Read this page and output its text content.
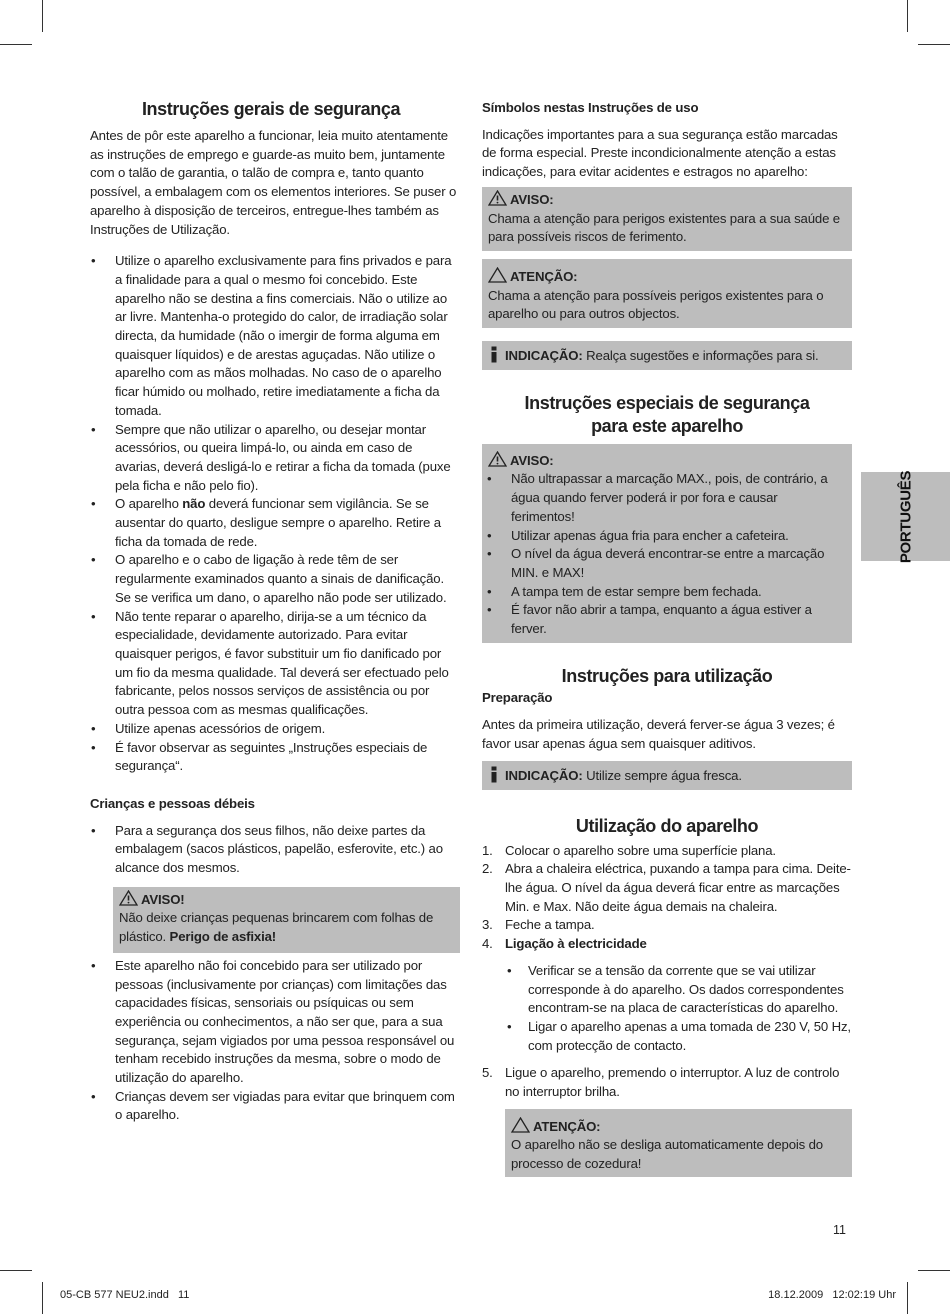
Instruções gerais de segurança

Antes de pôr este aparelho a funcionar, leia muito atentamente as instruções de emprego e guarde-as muito bem, juntamente com o talão de garantia, o talão de compra e, tanto quanto possível, a embalagem com os elementos interiores. Se puser o aparelho à disposição de terceiros, entregue-lhes também as Instruções de Utilização.

• Utilize o aparelho exclusivamente para fins privados e para a finalidade para a qual o mesmo foi concebido. Este aparelho não se destina a fins comerciais. Não o utilize ao ar livre. Mantenha-o protegido do calor, de irradiação solar directa, da humidade (não o imergir de forma alguma em quaisquer líquidos) e de arestas aguçadas. Não utilize o aparelho com as mãos molhadas. No caso de o aparelho ficar húmido ou molhado, retire imediatamente a ficha da tomada.
• Sempre que não utilizar o aparelho, ou desejar montar acessórios, ou queira limpá-lo, ou ainda em caso de avarias, deverá desligá-lo e retirar a ficha da tomada (puxe pela ficha e não pelo fio).
• O aparelho não deverá funcionar sem vigilância. Se se ausentar do quarto, desligue sempre o aparelho. Retire a ficha da tomada de rede.
• O aparelho e o cabo de ligação à rede têm de ser regularmente examinados quanto a sinais de danificação. Se se verifica um dano, o aparelho não pode ser utilizado.
• Não tente reparar o aparelho, dirija-se a um técnico da especialidade, devidamente autorizado. Para evitar quaisquer perigos, é favor substituir um fio danificado por um fio da mesma qualidade. Tal deverá ser efectuado pelo fabricante, pelos nossos serviços de assistência ou por outra pessoa com as mesmas qualificações.
• Utilize apenas acessórios de origem.
• É favor observar as seguintes „Instruções especiais de segurança“.

Crianças e pessoas débeis

• Para a segurança dos seus filhos, não deixe partes da embalagem (sacos plásticos, papelão, esferovite, etc.) ao alcance dos mesmos.
AVISO!
Não deixe crianças pequenas brincarem com folhas de plástico. Perigo de asfixia!
• Este aparelho não foi concebido para ser utilizado por pessoas (inclusivamente por crianças) com limitações das capacidades físicas, sensoriais ou psíquicas ou sem experiência ou conhecimentos, a não ser que, para a sua segurança, sejam vigiados por uma pessoa responsável ou tenham recebido instruções da mesma, sobre o modo de utilização do aparelho.
• Crianças devem ser vigiadas para evitar que brinquem com o aparelho.

Símbolos nestas Instruções de uso

Indicações importantes para a sua segurança estão marcadas de forma especial. Preste incondicionalmente atenção a estas indicações, para evitar acidentes e estragos no aparelho:

AVISO:
Chama a atenção para perigos existentes para a sua saúde e para possíveis riscos de ferimento.
ATENÇÃO:
Chama a atenção para possíveis perigos existentes para o aparelho ou para outros objectos.
INDICAÇÃO: Realça sugestões e informações para si.
Instruções especiais de segurança
para este aparelho
AVISO:
• Não ultrapassar a marcação MAX., pois, de contrário, a água quando ferver poderá ir por fora e causar ferimentos!
• Utilizar apenas água fria para encher a cafeteira.
• O nível da água deverá encontrar-se entre a marcação MIN. e MAX!
• A tampa tem de estar sempre bem fechada.
• É favor não abrir a tampa, enquanto a água estiver a ferver.
Instruções para utilização

Preparação

Antes da primeira utilização, deverá ferver-se água 3 vezes; é favor usar apenas água sem quaisquer aditivos.

INDICAÇÃO: Utilize sempre água fresca.
Utilização do aparelho
1. Colocar o aparelho sobre uma superfície plana.
2. Abra a chaleira eléctrica, puxando a tampa para cima. Deite-lhe água. O nível da água deverá ficar entre as marcações Min. e Max. Não deite água demais na chaleira.
3. Feche a tampa.
4. Ligação à electricidade
• Verificar se a tensão da corrente que se vai utilizar corresponde à do aparelho. Os dados correspondentes encontram-se na placa de características do aparelho.
• Ligar o aparelho apenas a uma tomada de 230 V, 50 Hz, com protecção de contacto.
5. Ligue o aparelho, premendo o interruptor. A luz de controlo no interruptor brilha.
ATENÇÃO:
O aparelho não se desliga automaticamente depois do processo de cozedura!
PORTUGUÊS
11
05-CB 577 NEU2.indd   11	18.12.2009   12:02:19 Uhr
